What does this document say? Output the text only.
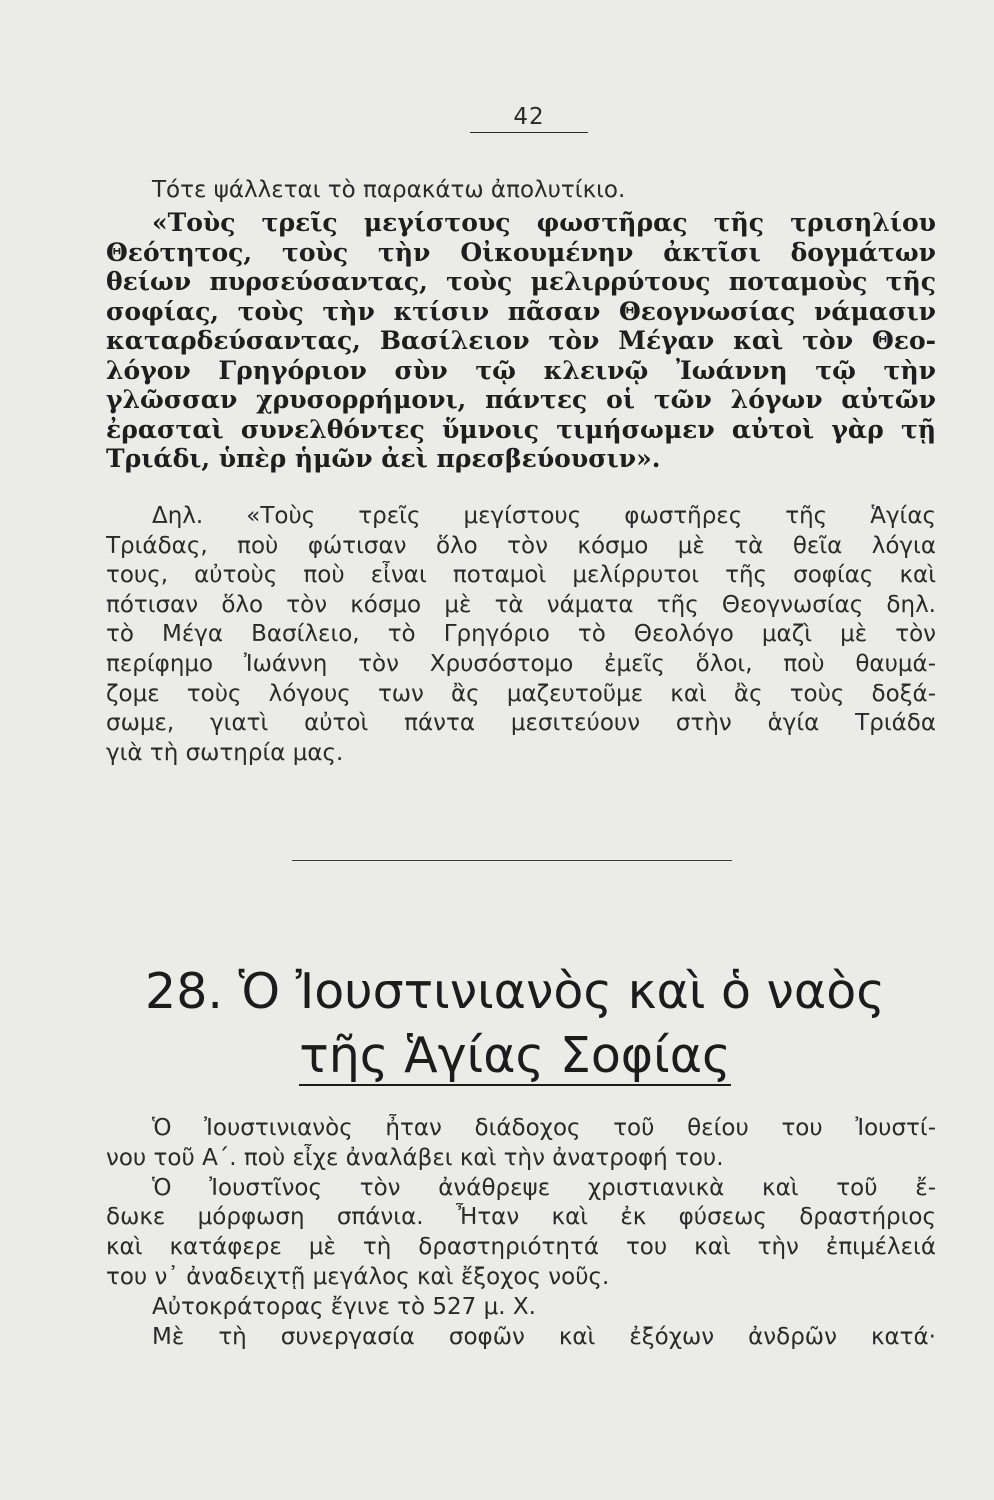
42
Τότε ψάλλεται τὸ παρακάτω ἀπολυτίκιο.
«Τοὺς τρεῖς μεγίστους φωστῆρας τῆς τρισηλίου
Θεότητος, τοὺς τὴν Οἰκουμένην ἀκτῖσι δογμάτων
θείων πυρσεύσαντας, τοὺς μελιρρύτους ποταμοὺς τῆς
σοφίας, τοὺς τὴν κτίσιν πᾶσαν Θεογνωσίας νάμασιν
καταρδεύσαντας, Βασίλειον τὸν Μέγαν καὶ τὸν Θεο-
λόγον Γρηγόριον σὺν τῷ κλεινῷ Ἰωάννη τῷ τὴν
γλῶσσαν χρυσορρήμονι, πάντες οἱ τῶν λόγων αὐτῶν
ἐρασταὶ συνελθόντες ὕμνοις τιμήσωμεν αὐτοὶ γὰρ τῇ
Τριάδι, ὑπὲρ ἡμῶν ἀεὶ πρεσβεύουσιν».
Δηλ. «Τοὺς τρεῖς μεγίστους φωστῆρες τῆς Ἁγίας
Τριάδας, ποὺ φώτισαν ὅλο τὸν κόσμο μὲ τὰ θεῖα λόγια
τους, αὐτοὺς ποὺ εἶναι ποταμοὶ μελίρρυτοι τῆς σοφίας καὶ
πότισαν ὅλο τὸν κόσμο μὲ τὰ νάματα τῆς Θεογνωσίας δηλ.
τὸ Μέγα Βασίλειο, τὸ Γρηγόριο τὸ Θεολόγο μαζὶ μὲ τὸν
περίφημο Ἰωάννη τὸν Χρυσόστομο ἐμεῖς ὅλοι, ποὺ θαυμά-
ζομε τοὺς λόγους των ἂς μαζευτοῦμε καὶ ἂς τοὺς δοξά-
σωμε, γιατὶ αὐτοὶ πάντα μεσιτεύουν στὴν ἁγία Τριάδα
γιὰ τὴ σωτηρία μας.
28. Ὁ Ἰουστινιανὸς καὶ ὁ ναὸς
τῆς Ἁγίας Σοφίας
Ὁ Ἰουστινιανὸς ἦταν διάδοχος τοῦ θείου του Ἰουστί-
νου τοῦ Α΄. ποὺ εἶχε ἀναλάβει καὶ τὴν ἀνατροφή του.
Ὁ Ἰουστῖνος τὸν ἀνάθρεψε χριστιανικὰ καὶ τοῦ ἔ-
δωκε μόρφωση σπάνια. Ἦταν καὶ ἐκ φύσεως δραστήριος
καὶ κατάφερε μὲ τὴ δραστηριότητά του καὶ τὴν ἐπιμέλειά
του ν᾿ ἀναδειχτῇ μεγάλος καὶ ἔξοχος νοῦς.
Αὐτοκράτορας ἔγινε τὸ 527 μ. Χ.
Μὲ τὴ συνεργασία σοφῶν καὶ ἐξόχων ἀνδρῶν κατά·
